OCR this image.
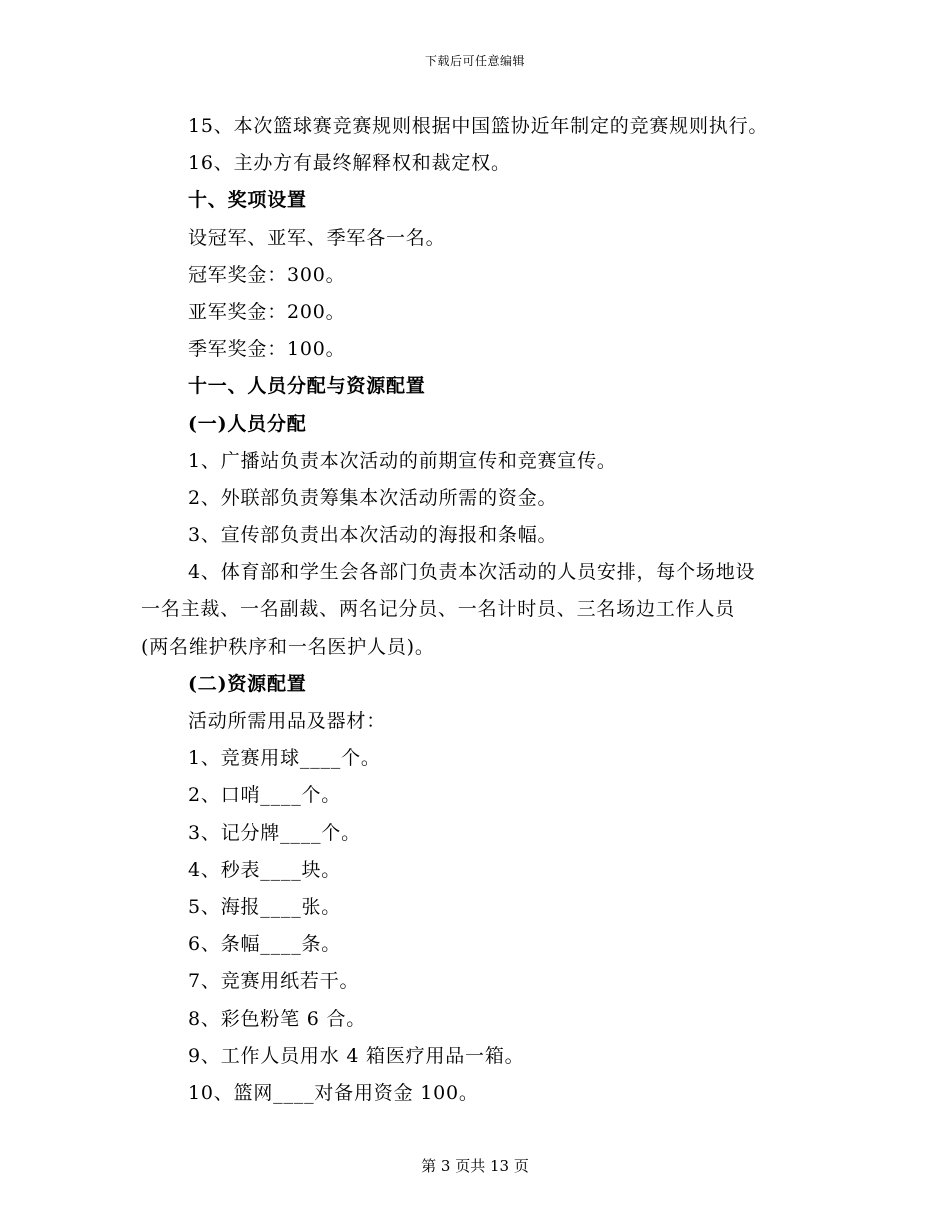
下载后可任意编辑
15、本次篮球赛竞赛规则根据中国篮协近年制定的竞赛规则执行。
16、主办方有最终解释权和裁定权。
十、奖项设置
设冠军、亚军、季军各一名。
冠军奖金：300。
亚军奖金：200。
季军奖金：100。
十一、人员分配与资源配置
(一)人员分配
1、广播站负责本次活动的前期宣传和竞赛宣传。
2、外联部负责筹集本次活动所需的资金。
3、宣传部负责出本次活动的海报和条幅。
4、体育部和学生会各部门负责本次活动的人员安排，每个场地设
一名主裁、一名副裁、两名记分员、一名计时员、三名场边工作人员
(两名维护秩序和一名医护人员)。
(二)资源配置
活动所需用品及器材：
1、竞赛用球____个。
2、口哨____个。
3、记分牌____个。
4、秒表____块。
5、海报____张。
6、条幅____条。
7、竞赛用纸若干。
8、彩色粉笔 6 合。
9、工作人员用水 4 箱医疗用品一箱。
10、篮网____对备用资金 100。
第 3 页共 13 页
